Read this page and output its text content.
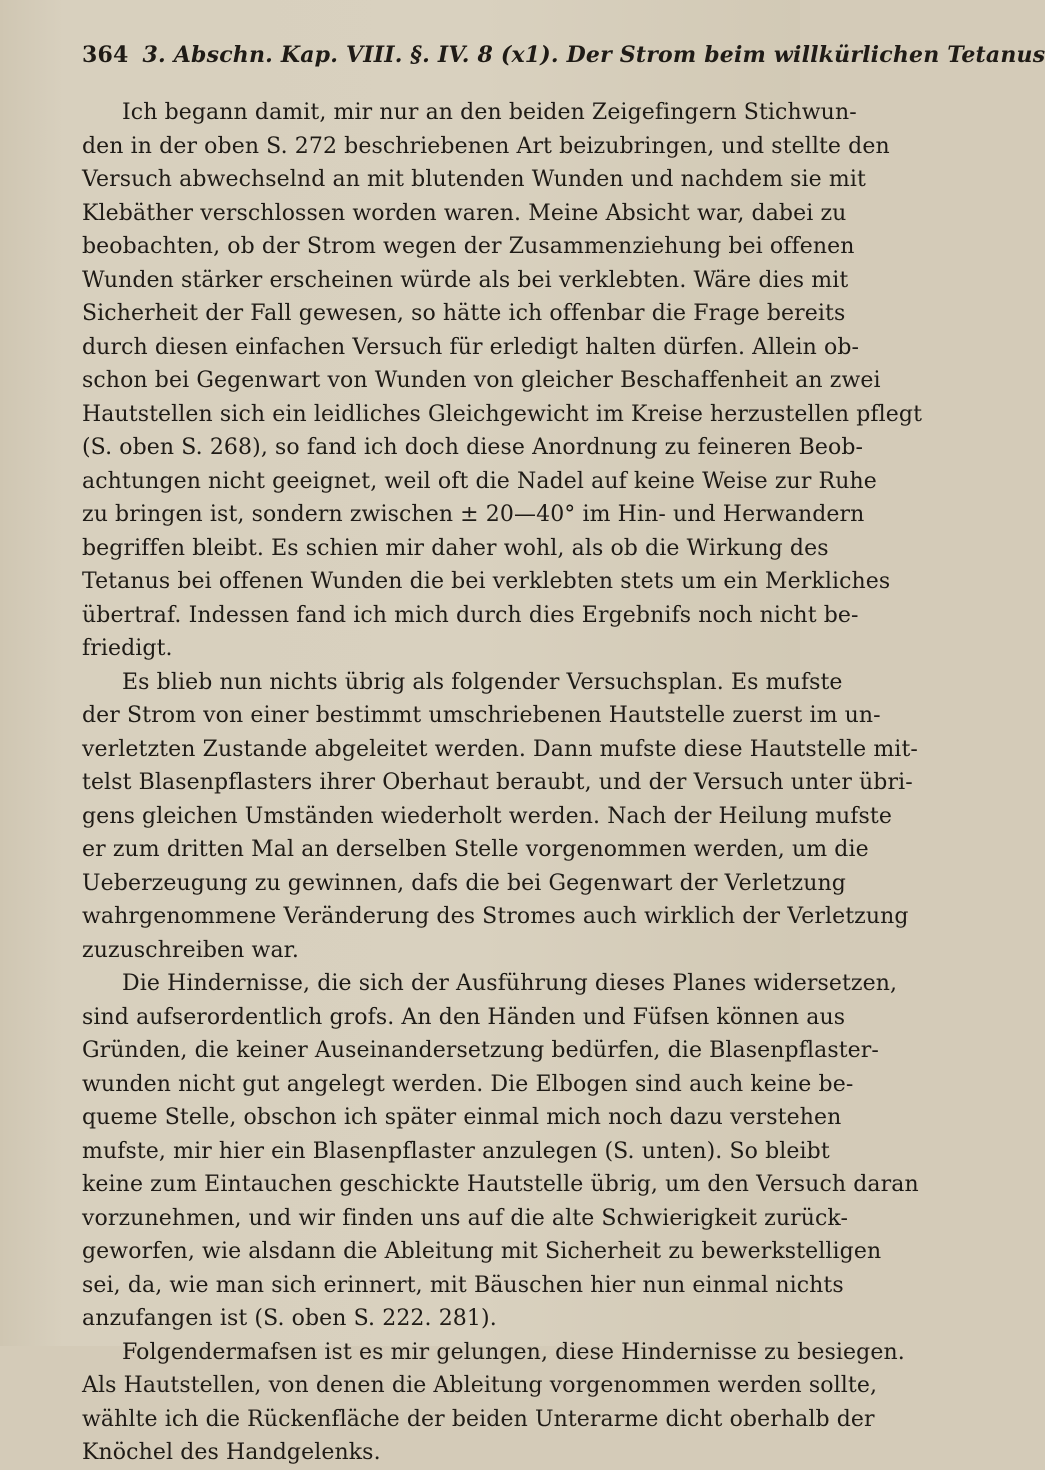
364 3. Abschn. Kap. VIII. §. IV. 8 (x1). Der Strom beim willkürlichen Tetanus
Ich begann damit, mir nur an den beiden Zeigefingern Stichwun-
den in der oben S. 272 beschriebenen Art beizubringen, und stellte den
Versuch abwechselnd an mit blutenden Wunden und nachdem sie mit
Klebäther verschlossen worden waren. Meine Absicht war, dabei zu
beobachten, ob der Strom wegen der Zusammenziehung bei offenen
Wunden stärker erscheinen würde als bei verklebten. Wäre dies mit
Sicherheit der Fall gewesen, so hätte ich offenbar die Frage bereits
durch diesen einfachen Versuch für erledigt halten dürfen. Allein ob-
schon bei Gegenwart von Wunden von gleicher Beschaffenheit an zwei
Hautstellen sich ein leidliches Gleichgewicht im Kreise herzustellen pflegt
(S. oben S. 268), so fand ich doch diese Anordnung zu feineren Beob-
achtungen nicht geeignet, weil oft die Nadel auf keine Weise zur Ruhe
zu bringen ist, sondern zwischen ± 20—40° im Hin- und Herwandern
begriffen bleibt. Es schien mir daher wohl, als ob die Wirkung des
Tetanus bei offenen Wunden die bei verklebten stets um ein Merkliches
übertraf. Indessen fand ich mich durch dies Ergebnifs noch nicht be-
friedigt.
Es blieb nun nichts übrig als folgender Versuchsplan. Es mufste
der Strom von einer bestimmt umschriebenen Hautstelle zuerst im un-
verletzten Zustande abgeleitet werden. Dann mufste diese Hautstelle mit-
telst Blasenpflasters ihrer Oberhaut beraubt, und der Versuch unter übri-
gens gleichen Umständen wiederholt werden. Nach der Heilung mufste
er zum dritten Mal an derselben Stelle vorgenommen werden, um die
Ueberzeugung zu gewinnen, dafs die bei Gegenwart der Verletzung
wahrgenommene Veränderung des Stromes auch wirklich der Verletzung
zuzuschreiben war.
Die Hindernisse, die sich der Ausführung dieses Planes widersetzen,
sind aufserordentlich grofs. An den Händen und Füfsen können aus
Gründen, die keiner Auseinandersetzung bedürfen, die Blasenpflaster-
wunden nicht gut angelegt werden. Die Elbogen sind auch keine be-
queme Stelle, obschon ich später einmal mich noch dazu verstehen
mufste, mir hier ein Blasenpflaster anzulegen (S. unten). So bleibt
keine zum Eintauchen geschickte Hautstelle übrig, um den Versuch daran
vorzunehmen, und wir finden uns auf die alte Schwierigkeit zurück-
geworfen, wie alsdann die Ableitung mit Sicherheit zu bewerkstelligen
sei, da, wie man sich erinnert, mit Bäuschen hier nun einmal nichts
anzufangen ist (S. oben S. 222. 281).
Folgendermafsen ist es mir gelungen, diese Hindernisse zu besiegen.
Als Hautstellen, von denen die Ableitung vorgenommen werden sollte,
wählte ich die Rückenfläche der beiden Unterarme dicht oberhalb der
Knöchel des Handgelenks.
